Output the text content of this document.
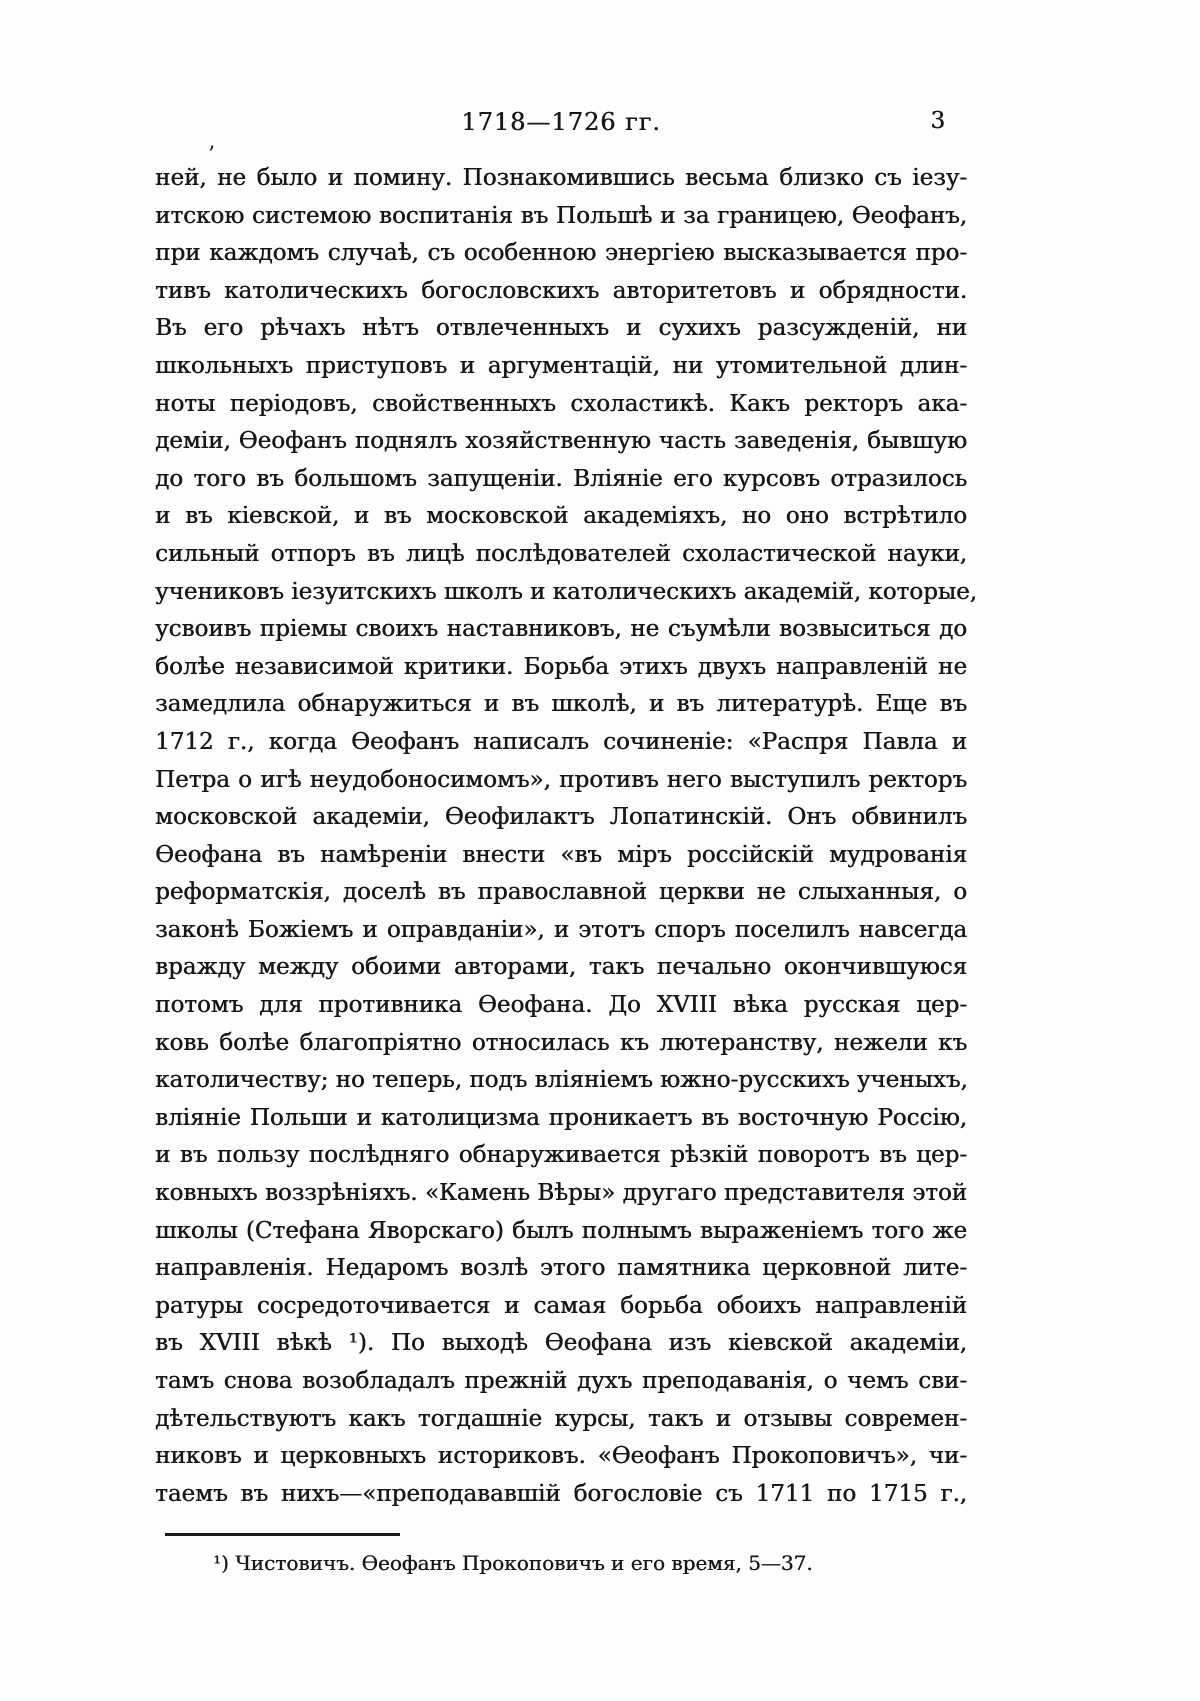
1718—1726 гг.	3
’
ней, не было и помину. Познакомившись весьма близко съ іезу-
итскою системою воспитанія въ Польшѣ и за границею, Ѳеофанъ,
при каждомъ случаѣ, съ особенною энергіею высказывается про-
тивъ католическихъ богословскихъ авторитетовъ и обрядности.
Въ его рѣчахъ нѣтъ отвлеченныхъ и сухихъ разсужденій, ни
школьныхъ приступовъ и аргументацій, ни утомительной длин-
ноты періодовъ, свойственныхъ схоластикѣ. Какъ ректоръ ака-
деміи, Ѳеофанъ поднялъ хозяйственную часть заведенія, бывшую
до того въ большомъ запущеніи. Вліяніе его курсовъ отразилось
и въ кіевской, и въ московской академіяхъ, но оно встрѣтило
сильный отпоръ въ лицѣ послѣдователей схоластической науки,
учениковъ іезуитскихъ школъ и католическихъ академій, которые,
усвоивъ пріемы своихъ наставниковъ, не съумѣли возвыситься до
болѣе независимой критики. Борьба этихъ двухъ направленій не
замедлила обнаружиться и въ школѣ, и въ литературѣ. Еще въ
1712 г., когда Ѳеофанъ написалъ сочиненіе: «Распря Павла и
Петра о игѣ неудобоносимомъ», противъ него выступилъ ректоръ
московской академіи, Ѳеофилактъ Лопатинскій. Онъ обвинилъ
Ѳеофана въ намѣреніи внести «въ міръ россійскій мудрованія
реформатскія, доселѣ въ православной церкви не слыханныя, о
законѣ Божіемъ и оправданіи», и этотъ споръ поселилъ навсегда
вражду между обоими авторами, такъ печально окончившуюся
потомъ для противника Ѳеофана. До XVIII вѣка русская цер-
ковь болѣе благопріятно относилась къ лютеранству, нежели къ
католичеству; но теперь, подъ вліяніемъ южно-русскихъ ученыхъ,
вліяніе Польши и католицизма проникаетъ въ восточную Россію,
и въ пользу послѣдняго обнаруживается рѣзкій поворотъ въ цер-
ковныхъ воззрѣніяхъ. «Камень Вѣры» другаго представителя этой
школы (Стефана Яворскаго) былъ полнымъ выраженіемъ того же
направленія. Недаромъ возлѣ этого памятника церковной лите-
ратуры сосредоточивается и самая борьба обоихъ направленій
въ XVIII вѣкѣ ¹). По выходѣ Ѳеофана изъ кіевской академіи,
тамъ снова возобладалъ прежній духъ преподаванія, о чемъ сви-
дѣтельствуютъ какъ тогдашніе курсы, такъ и отзывы современ-
никовъ и церковныхъ историковъ. «Ѳеофанъ Прокоповичъ», чи-
таемъ въ нихъ—«преподававшій богословіе съ 1711 по 1715 г.,
¹) Чистовичъ. Ѳеофанъ Прокоповичъ и его время, 5—37.
